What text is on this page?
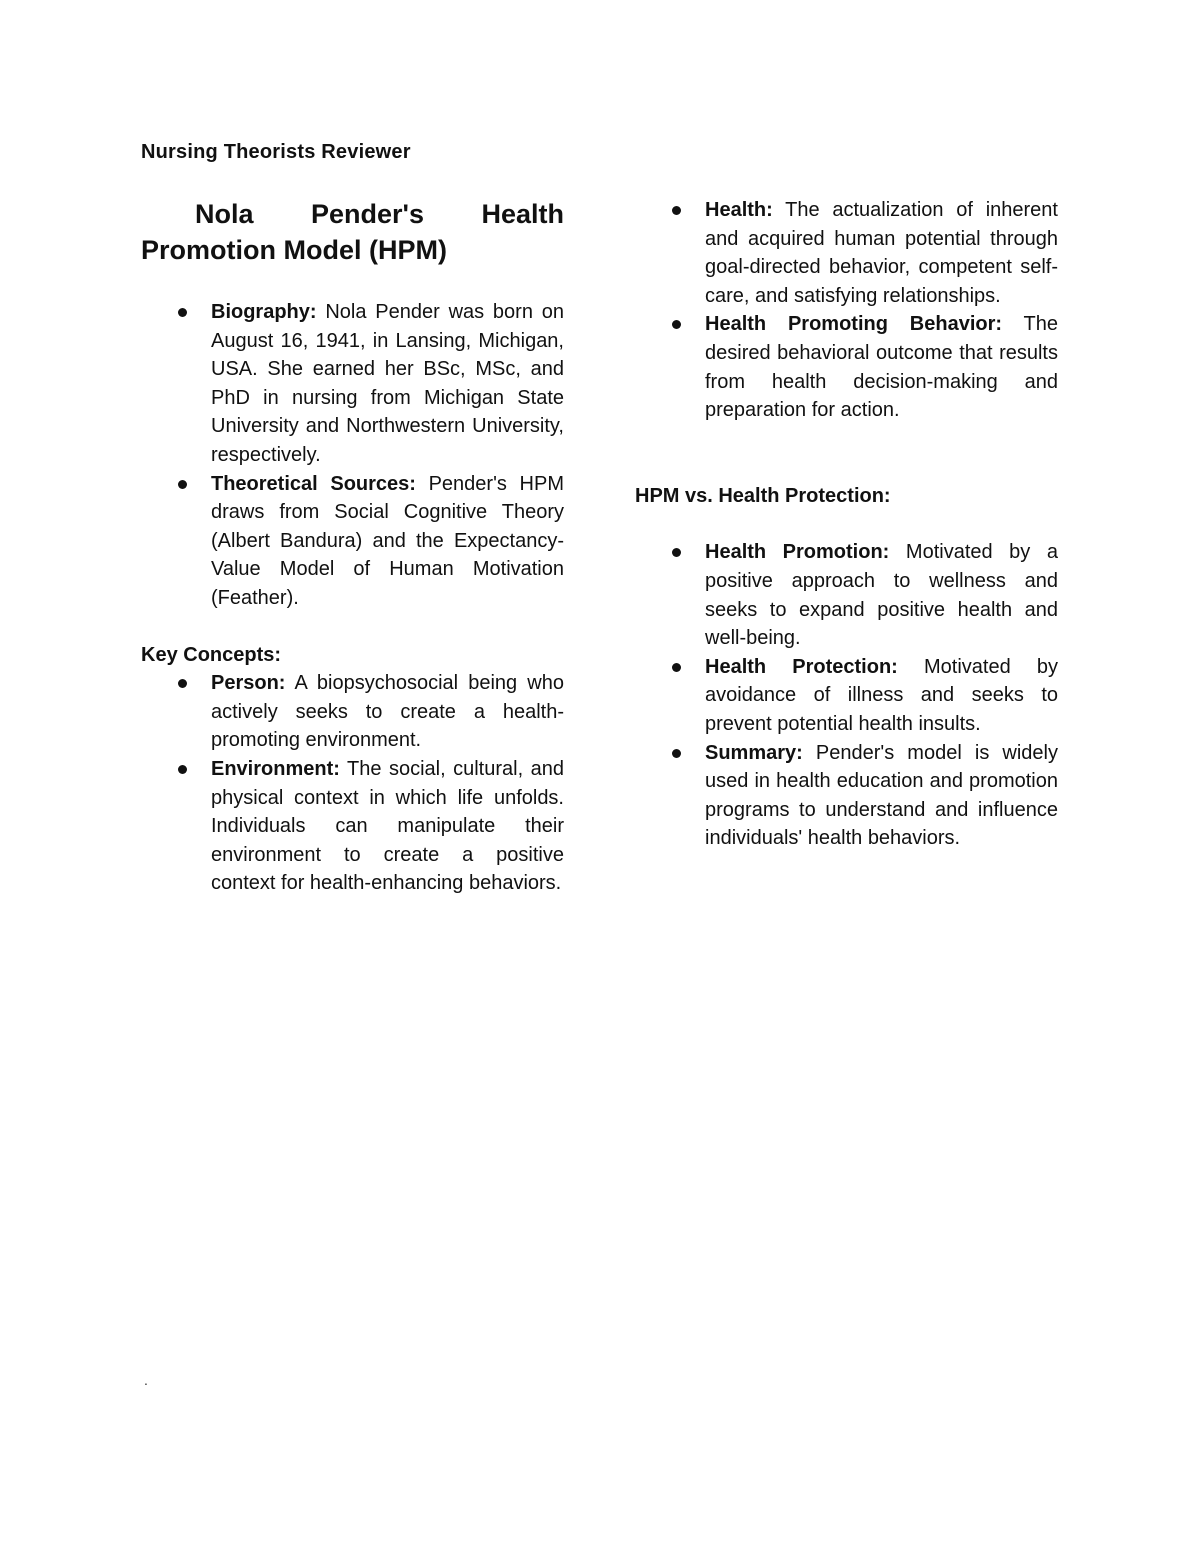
Nursing Theorists Reviewer

Nola Pender's Health

Promotion Model (HPM)

Biography: Nola Pender was born on August 16, 1941, in Lansing, Michigan, USA. She earned her BSc, MSc, and PhD in nursing from Michigan State University and Northwestern University, respectively.
Theoretical Sources: Pender's HPM draws from Social Cognitive Theory (Albert Bandura) and the Expectancy-Value Model of Human Motivation (Feather).

Key Concepts:

Person: A biopsychosocial being who actively seeks to create a health-promoting environment.
Environment: The social, cultural, and physical context in which life unfolds. Individuals can manipulate their environment to create a positive context for health-enhancing behaviors.
Health: The actualization of inherent and acquired human potential through goal-directed behavior, competent self-care, and satisfying relationships.
Health Promoting Behavior: The desired behavioral outcome that results from health decision-making and preparation for action.

HPM vs. Health Protection:

Health Promotion: Motivated by a positive approach to wellness and seeks to expand positive health and well-being.
Health Protection: Motivated by avoidance of illness and seeks to prevent potential health insults.
Summary: Pender's model is widely used in health education and promotion programs to understand and influence individuals' health behaviors.
.
